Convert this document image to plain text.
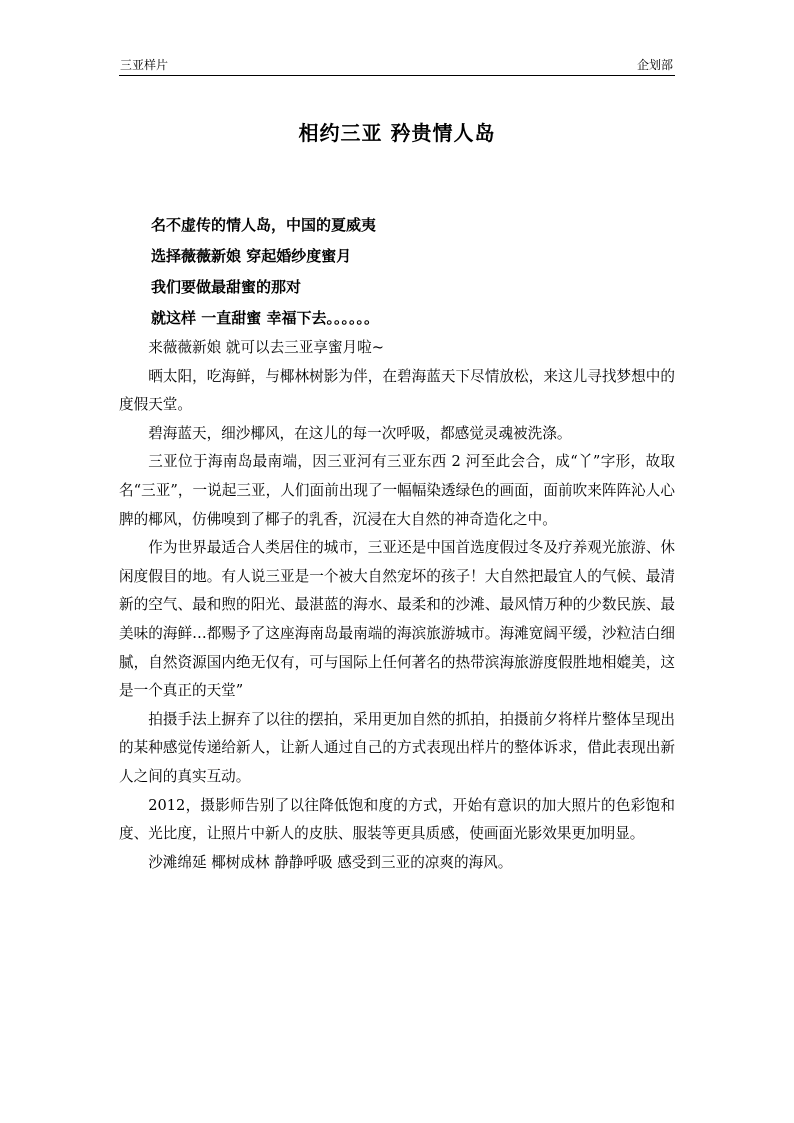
三亚样片	企划部
相约三亚 矜贵情人岛
名不虚传的情人岛，中国的夏威夷
选择薇薇新娘 穿起婚纱度蜜月
我们要做最甜蜜的那对
就这样 一直甜蜜 幸福下去。。。。。。

来薇薇新娘 就可以去三亚享蜜月啦~

晒太阳，吃海鲜，与椰林树影为伴，在碧海蓝天下尽情放松，来这儿寻找梦想中的度假天堂。

碧海蓝天，细沙椰风，在这儿的每一次呼吸，都感觉灵魂被洗涤。

三亚位于海南岛最南端，因三亚河有三亚东西 2 河至此会合，成“丫”字形，故取名“三亚”，一说起三亚，人们面前出现了一幅幅染透绿色的画面，面前吹来阵阵沁人心脾的椰风，仿佛嗅到了椰子的乳香，沉浸在大自然的神奇造化之中。

作为世界最适合人类居住的城市，三亚还是中国首选度假过冬及疗养观光旅游、休闲度假目的地。有人说三亚是一个被大自然宠坏的孩子！大自然把最宜人的气候、最清新的空气、最和煦的阳光、最湛蓝的海水、最柔和的沙滩、最风情万种的少数民族、最美味的海鲜…都赐予了这座海南岛最南端的海滨旅游城市。海滩宽阔平缓，沙粒洁白细腻，自然资源国内绝无仅有，可与国际上任何著名的热带滨海旅游度假胜地相媲美，这是一个真正的天堂”

拍摄手法上摒弃了以往的摆拍，采用更加自然的抓拍，拍摄前夕将样片整体呈现出的某种感觉传递给新人，让新人通过自己的方式表现出样片的整体诉求，借此表现出新人之间的真实互动。

2012，摄影师告别了以往降低饱和度的方式，开始有意识的加大照片的色彩饱和度、光比度，让照片中新人的皮肤、服装等更具质感，使画面光影效果更加明显。

沙滩绵延 椰树成林 静静呼吸 感受到三亚的凉爽的海风。
